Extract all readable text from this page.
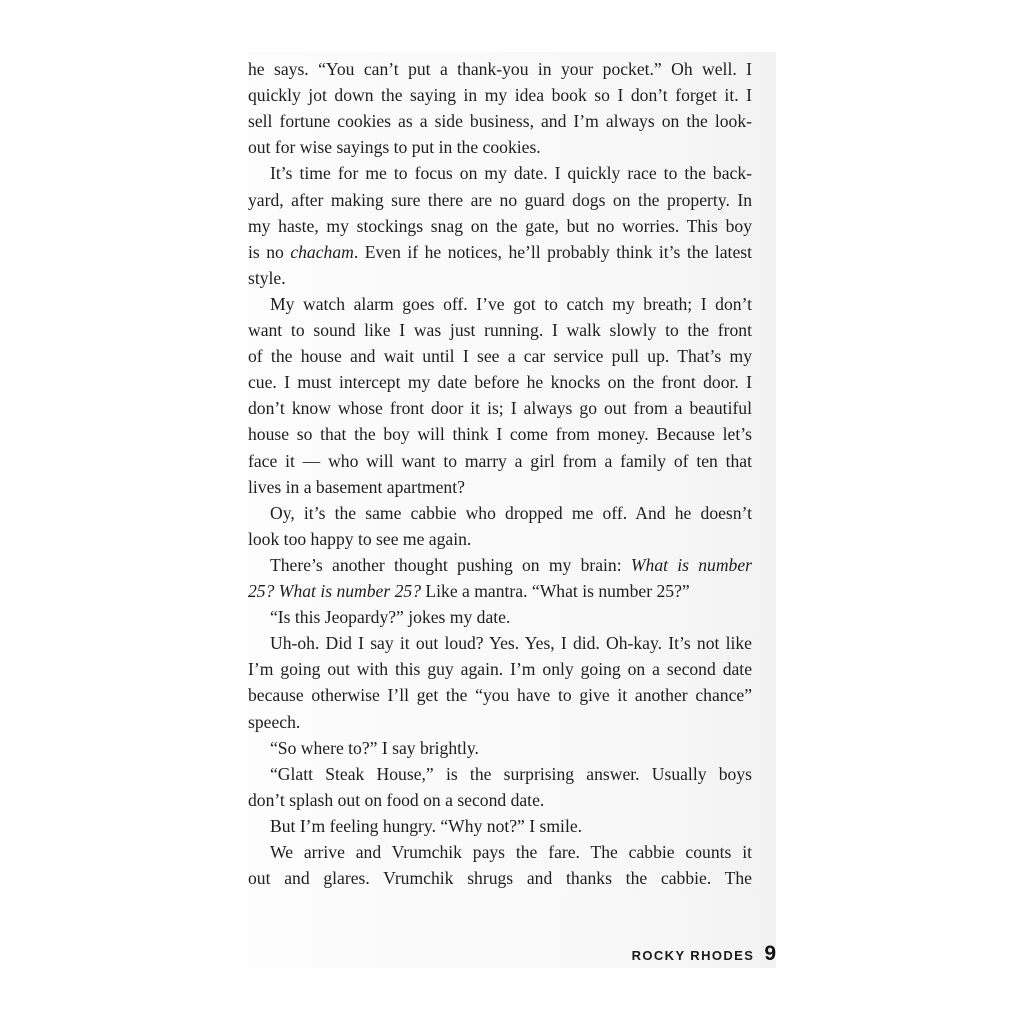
he says. “You can’t put a thank-you in your pocket.” Oh well. I
quickly jot down the saying in my idea book so I don’t forget it. I
sell fortune cookies as a side business, and I’m always on the look-
out for wise sayings to put in the cookies.
It’s time for me to focus on my date. I quickly race to the back-
yard, after making sure there are no guard dogs on the property. In
my haste, my stockings snag on the gate, but no worries. This boy
is no chacham. Even if he notices, he’ll probably think it’s the latest
style.
My watch alarm goes off. I’ve got to catch my breath; I don’t
want to sound like I was just running. I walk slowly to the front
of the house and wait until I see a car service pull up. That’s my
cue. I must intercept my date before he knocks on the front door. I
don’t know whose front door it is; I always go out from a beautiful
house so that the boy will think I come from money. Because let’s
face it — who will want to marry a girl from a family of ten that
lives in a basement apartment?
Oy, it’s the same cabbie who dropped me off. And he doesn’t
look too happy to see me again.
There’s another thought pushing on my brain: What is number
25? What is number 25? Like a mantra. “What is number 25?”
“Is this Jeopardy?” jokes my date.
Uh-oh. Did I say it out loud? Yes. Yes, I did. Oh-kay. It’s not like
I’m going out with this guy again. I’m only going on a second date
because otherwise I’ll get the “you have to give it another chance”
speech.
“So where to?” I say brightly.
“Glatt Steak House,” is the surprising answer. Usually boys
don’t splash out on food on a second date.
But I’m feeling hungry. “Why not?” I smile.
We arrive and Vrumchik pays the fare. The cabbie counts it
out and glares. Vrumchik shrugs and thanks the cabbie. The
ROCKY RHODES 9
